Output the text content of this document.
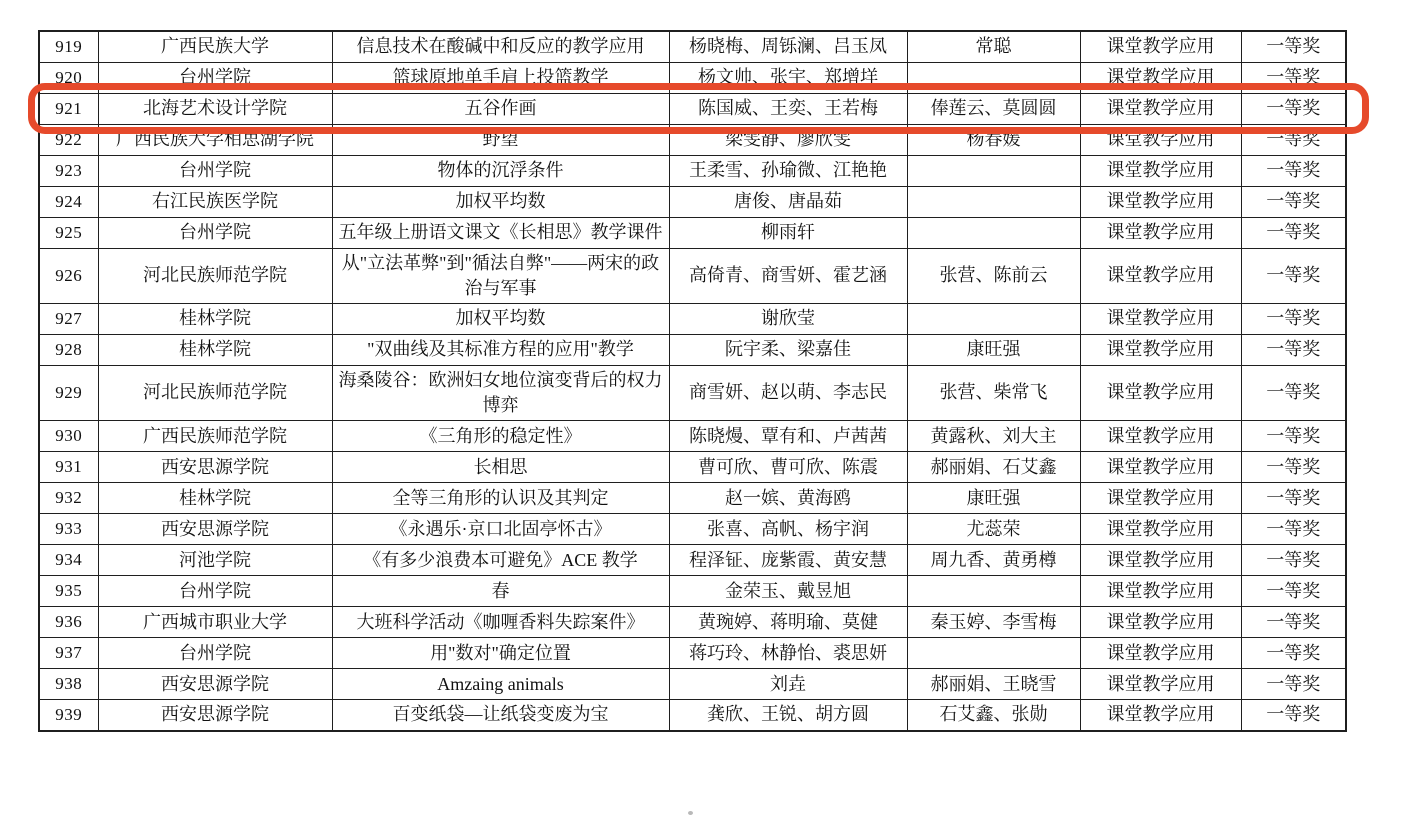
919	广西民族大学	信息技术在酸碱中和反应的教学应用	杨晓梅、周铄澜、吕玉凤	常聪	课堂教学应用	一等奖
920	台州学院	篮球原地单手肩上投篮教学	杨文帅、张宇、郑增垟		课堂教学应用	一等奖
921	北海艺术设计学院	五谷作画	陈国威、王奕、王若梅	俸莲云、莫圆圆	课堂教学应用	一等奖
922	广西民族大学相思湖学院	野望	梁雯静、廖欣雯	杨春媛	课堂教学应用	一等奖
923	台州学院	物体的沉浮条件	王柔雪、孙瑜微、江艳艳		课堂教学应用	一等奖
924	右江民族医学院	加权平均数	唐俊、唐晶茹		课堂教学应用	一等奖
925	台州学院	五年级上册语文课文《长相思》教学课件	柳雨轩		课堂教学应用	一等奖
926	河北民族师范学院	从"立法革弊"到"循法自弊"——两宋的政治与军事	高倚青、商雪妍、霍艺涵	张营、陈前云	课堂教学应用	一等奖
927	桂林学院	加权平均数	谢欣莹		课堂教学应用	一等奖
928	桂林学院	"双曲线及其标准方程的应用"教学	阮宇柔、梁嘉佳	康旺强	课堂教学应用	一等奖
929	河北民族师范学院	海桑陵谷：欧洲妇女地位演变背后的权力博弈	商雪妍、赵以萌、李志民	张营、柴常飞	课堂教学应用	一等奖
930	广西民族师范学院	《三角形的稳定性》	陈晓熳、覃有和、卢茜茜	黄露秋、刘大主	课堂教学应用	一等奖
931	西安思源学院	长相思	曹可欣、曹可欣、陈震	郝丽娟、石艾鑫	课堂教学应用	一等奖
932	桂林学院	全等三角形的认识及其判定	赵一嫔、黄海鸥	康旺强	课堂教学应用	一等奖
933	西安思源学院	《永遇乐·京口北固亭怀古》	张喜、高帆、杨宇润	尤蕊荣	课堂教学应用	一等奖
934	河池学院	《有多少浪费本可避免》ACE 教学	程泽钲、庞紫霞、黄安慧	周九香、黄勇樽	课堂教学应用	一等奖
935	台州学院	春	金荣玉、戴昱旭		课堂教学应用	一等奖
936	广西城市职业大学	大班科学活动《咖喱香料失踪案件》	黄琬婷、蒋明瑜、莫健	秦玉婷、李雪梅	课堂教学应用	一等奖
937	台州学院	用"数对"确定位置	蒋巧玲、林静怡、裘思妍		课堂教学应用	一等奖
938	西安思源学院	Amzaing animals	刘垚	郝丽娟、王晓雪	课堂教学应用	一等奖
939	西安思源学院	百变纸袋—让纸袋变废为宝	龚欣、王锐、胡方圆	石艾鑫、张勋	课堂教学应用	一等奖
